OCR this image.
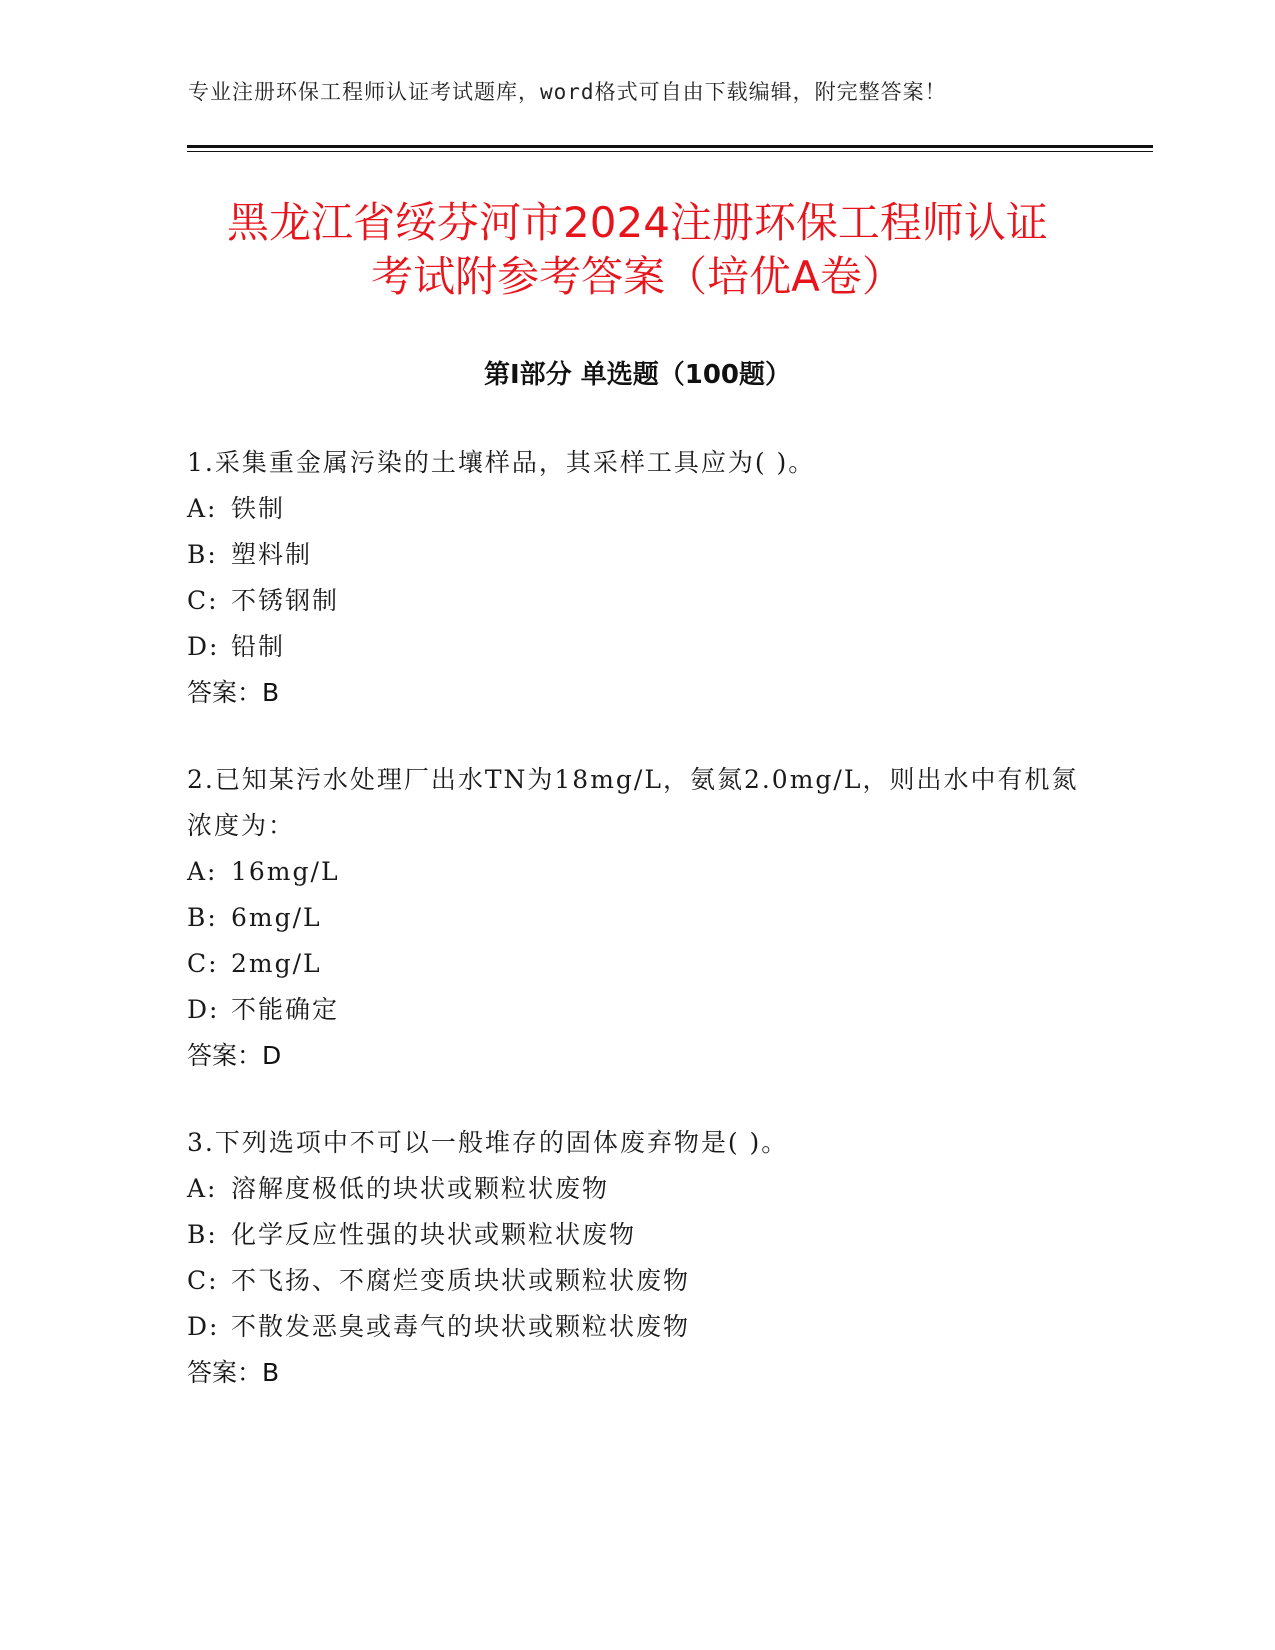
专业注册环保工程师认证考试题库，word格式可自由下载编辑，附完整答案！
黑龙江省绥芬河市2024注册环保工程师认证
考试附参考答案（培优A卷）
第Ⅰ部分 单选题（100题）

1.采集重金属污染的土壤样品，其采样工具应为( )。

A: 铁制

B: 塑料制

C: 不锈钢制

D: 铅制

答案：B

2.已知某污水处理厂出水TN为18mg/L，氨氮2.0mg/L，则出水中有机氮浓度为：

A: 16mg/L

B: 6mg/L

C: 2mg/L

D: 不能确定

答案：D

3.下列选项中不可以一般堆存的固体废弃物是( )。

A: 溶解度极低的块状或颗粒状废物

B: 化学反应性强的块状或颗粒状废物

C: 不飞扬、不腐烂变质块状或颗粒状废物

D: 不散发恶臭或毒气的块状或颗粒状废物

答案：B
